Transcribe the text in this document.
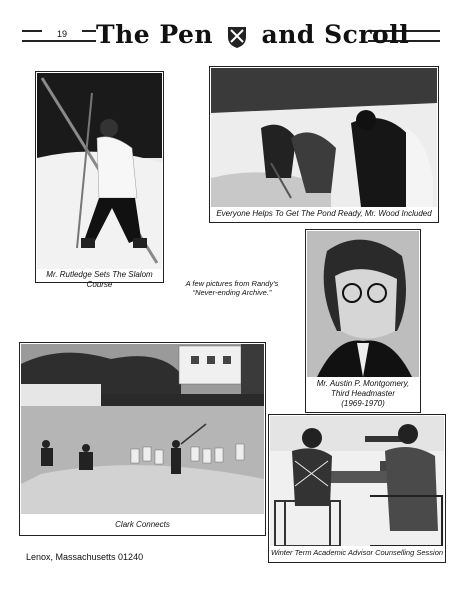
19	The Pen and Scroll
Mr. Rutledge Sets The Slalom Course
Everyone Helps To Get The Pond Ready, Mr. Wood Included
Mr. Austin P. Montgomery,
Third Headmaster
(1969-1970)
A few pictures from Randy's
“Never-ending Archive.”
Clark Connects
Winter Term Academic Advisor Counselling Session
Lenox, Massachusetts 01240
